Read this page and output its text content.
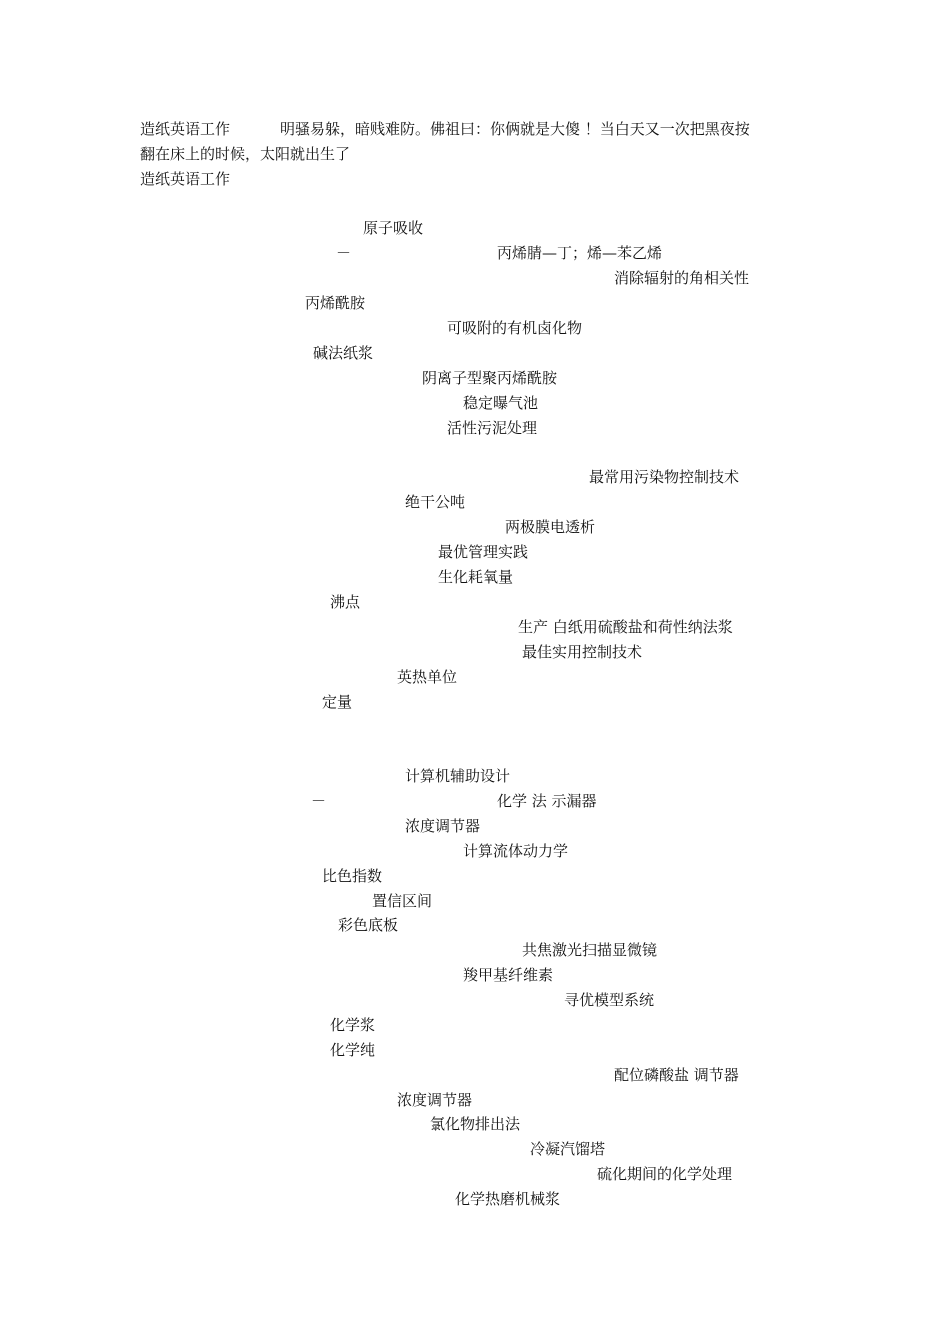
造纸英语工作	明骚易躲，暗贱难防。佛祖曰：你俩就是大傻 ！当白天又一次把黑夜按
翻在床上的时候，太阳就出生了
造纸英语工作
原子吸收
－	丙烯腈—丁；烯—苯乙烯
消除辐射的角相关性
丙烯酰胺
可吸附的有机卤化物
碱法纸浆
阴离子型聚丙烯酰胺
稳定曝气池
活性污泥处理
最常用污染物控制技术
绝干公吨
两极膜电透析
最优管理实践
生化耗氧量
沸点
生产 白纸用硫酸盐和荷性纳法浆
最佳实用控制技术
英热单位
定量
计算机辅助设计
－	化学 法 示漏器
浓度调节器
计算流体动力学
比色指数
置信区间
彩色底板
共焦激光扫描显微镜
羧甲基纤维素
寻优模型系统
化学浆
化学纯
配位磷酸盐 调节器
浓度调节器
氯化物排出法
冷凝汽馏塔
硫化期间的化学处理
化学热磨机械浆
